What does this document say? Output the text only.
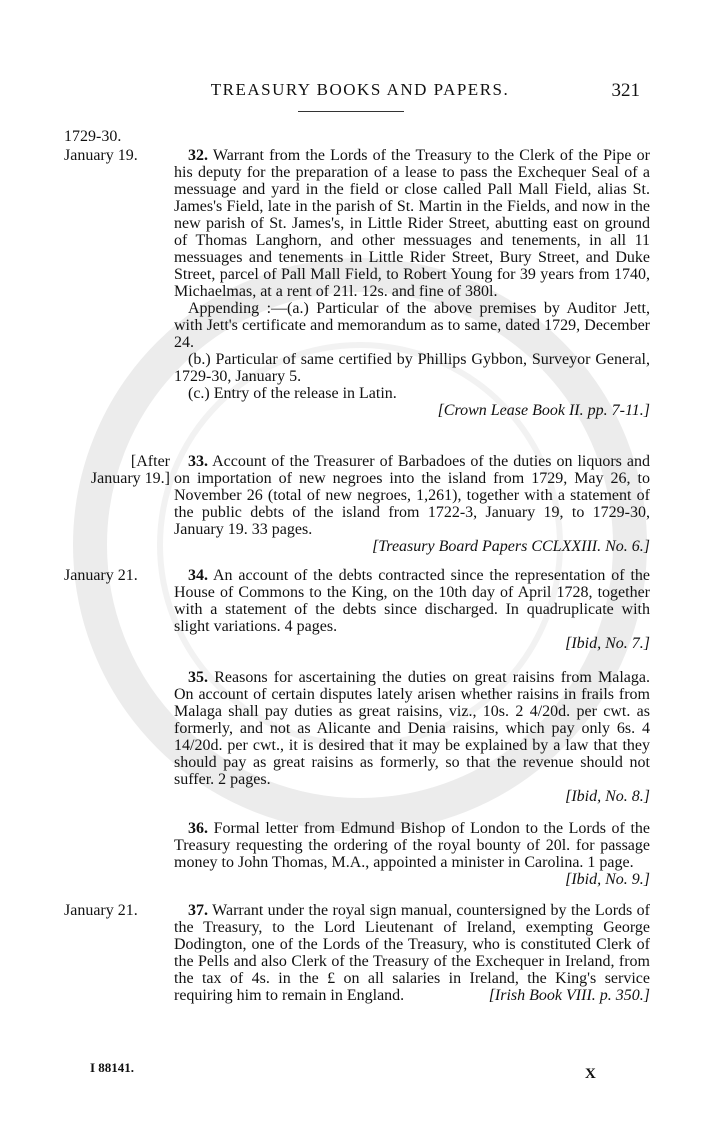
TREASURY BOOKS AND PAPERS.	321
1729-30.
January 19.	32. Warrant from the Lords of the Treasury to the Clerk of the Pipe or his deputy for the preparation of a lease to pass the Exchequer Seal of a messuage and yard in the field or close called Pall Mall Field, alias St. James's Field, late in the parish of St. Martin in the Fields, and now in the new parish of St. James's, in Little Rider Street, abutting east on ground of Thomas Langhorn, and other messuages and tenements, in all 11 messuages and tenements in Little Rider Street, Bury Street, and Duke Street, parcel of Pall Mall Field, to Robert Young for 39 years from 1740, Michaelmas, at a rent of 21l. 12s. and fine of 380l.

Appending :—(a.) Particular of the above premises by Auditor Jett, with Jett's certificate and memorandum as to same, dated 1729, December 24.

(b.) Particular of same certified by Phillips Gybbon, Surveyor General, 1729-30, January 5.

(c.) Entry of the release in Latin.

[Crown Lease Book II. pp. 7-11.]

[After
January 19.]

33. Account of the Treasurer of Barbadoes of the duties on liquors and on importation of new negroes into the island from 1729, May 26, to November 26 (total of new negroes, 1,261), together with a statement of the public debts of the island from 1722-3, January 19, to 1729-30, January 19. 33 pages.

[Treasury Board Papers CCLXXIII. No. 6.]

January 21.	34. An account of the debts contracted since the representation of the House of Commons to the King, on the 10th day of April 1728, together with a statement of the debts since discharged. In quadruplicate with slight variations. 4 pages.

[Ibid, No. 7.]

35. Reasons for ascertaining the duties on great raisins from Malaga. On account of certain disputes lately arisen whether raisins in frails from Malaga shall pay duties as great raisins, viz., 10s. 2 4/20d. per cwt. as formerly, and not as Alicante and Denia raisins, which pay only 6s. 4 14/20d. per cwt., it is desired that it may be explained by a law that they should pay as great raisins as formerly, so that the revenue should not suffer. 2 pages.

[Ibid, No. 8.]

36. Formal letter from Edmund Bishop of London to the Lords of the Treasury requesting the ordering of the royal bounty of 20l. for passage money to John Thomas, M.A., appointed a minister in Carolina. 1 page.
[Ibid, No. 9.]

January 21.	37. Warrant under the royal sign manual, countersigned by the Lords of the Treasury, to the Lord Lieutenant of Ireland, exempting George Dodington, one of the Lords of the Treasury, who is constituted Clerk of the Pells and also Clerk of the Treasury of the Exchequer in Ireland, from the tax of 4s. in the £ on all salaries in Ireland, the King's service requiring him to remain in England.	[Irish Book VIII. p. 350.]

I 88141.	X
